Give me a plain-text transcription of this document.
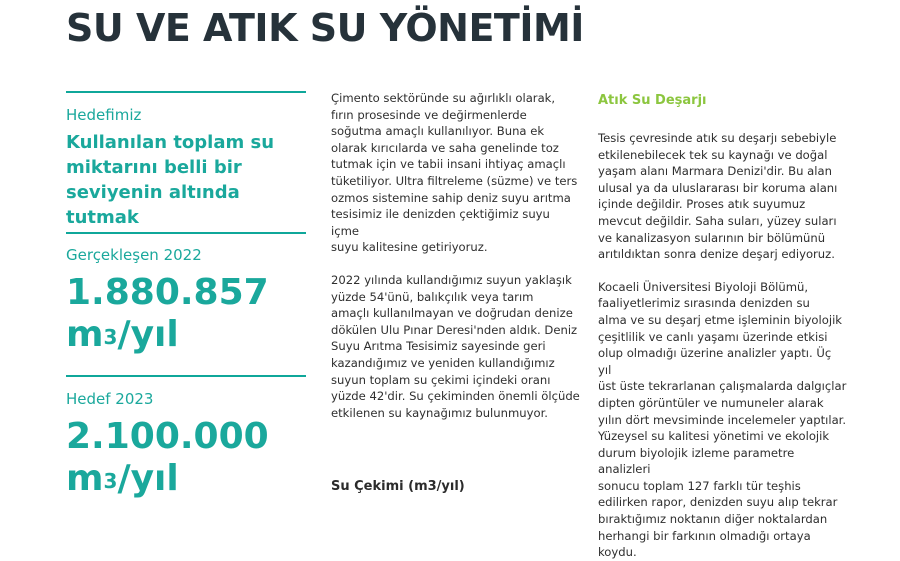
SU VE ATIK SU YÖNETİMİ
Hedefimiz
Kullanılan toplam su miktarını belli bir seviyenin altında tutmak
Gerçekleşen 2022
1.880.857
$m^3$/yıl
Hedef 2023
2.100.000
$m^3$/yıl

Çimento sektöründe su ağırlıklı olarak,
fırın prosesinde ve değirmenlerde
soğutma amaçlı kullanılıyor. Buna ek
olarak kırıcılarda ve saha genelinde toz
tutmak için ve tabii insani ihtiyaç amaçlı
tüketiliyor. Ultra filtreleme (süzme) ve ters
ozmos sistemine sahip deniz suyu arıtma
tesisimiz ile denizden çektiğimiz suyu içme
suyu kalitesine getiriyoruz.

2022 yılında kullandığımız suyun yaklaşık
yüzde 54'ünü, balıkçılık veya tarım
amaçlı kullanılmayan ve doğrudan denize
dökülen Ulu Pınar Deresi'nden aldık. Deniz
Suyu Arıtma Tesisimiz sayesinde geri
kazandığımız ve yeniden kullandığımız
suyun toplam su çekimi içindeki oranı
yüzde 42'dir. Su çekiminden önemli ölçüde
etkilenen su kaynağımız bulunmuyor.

Su Çekimi (m3/yıl)
Atık Su Deşarjı

Tesis çevresinde atık su deşarjı sebebiyle
etkilenebilecek tek su kaynağı ve doğal
yaşam alanı Marmara Denizi'dir. Bu alan
ulusal ya da uluslararası bir koruma alanı
içinde değildir. Proses atık suyumuz
mevcut değildir. Saha suları, yüzey suları
ve kanalizasyon sularının bir bölümünü
arıtıldıktan sonra denize deşarj ediyoruz.

Kocaeli Üniversitesi Biyoloji Bölümü,
faaliyetlerimiz sırasında denizden su
alma ve su deşarj etme işleminin biyolojik
çeşitlilik ve canlı yaşamı üzerinde etkisi
olup olmadığı üzerine analizler yaptı. Üç yıl
üst üste tekrarlanan çalışmalarda dalgıçlar
dipten görüntüler ve numuneler alarak
yılın dört mevsiminde incelemeler yaptılar.
Yüzeysel su kalitesi yönetimi ve ekolojik
durum biyolojik izleme parametre analizleri
sonucu toplam 127 farklı tür teşhis
edilirken rapor, denizden suyu alıp tekrar
bıraktığımız noktanın diğer noktalardan
herhangi bir farkının olmadığı ortaya koydu.
